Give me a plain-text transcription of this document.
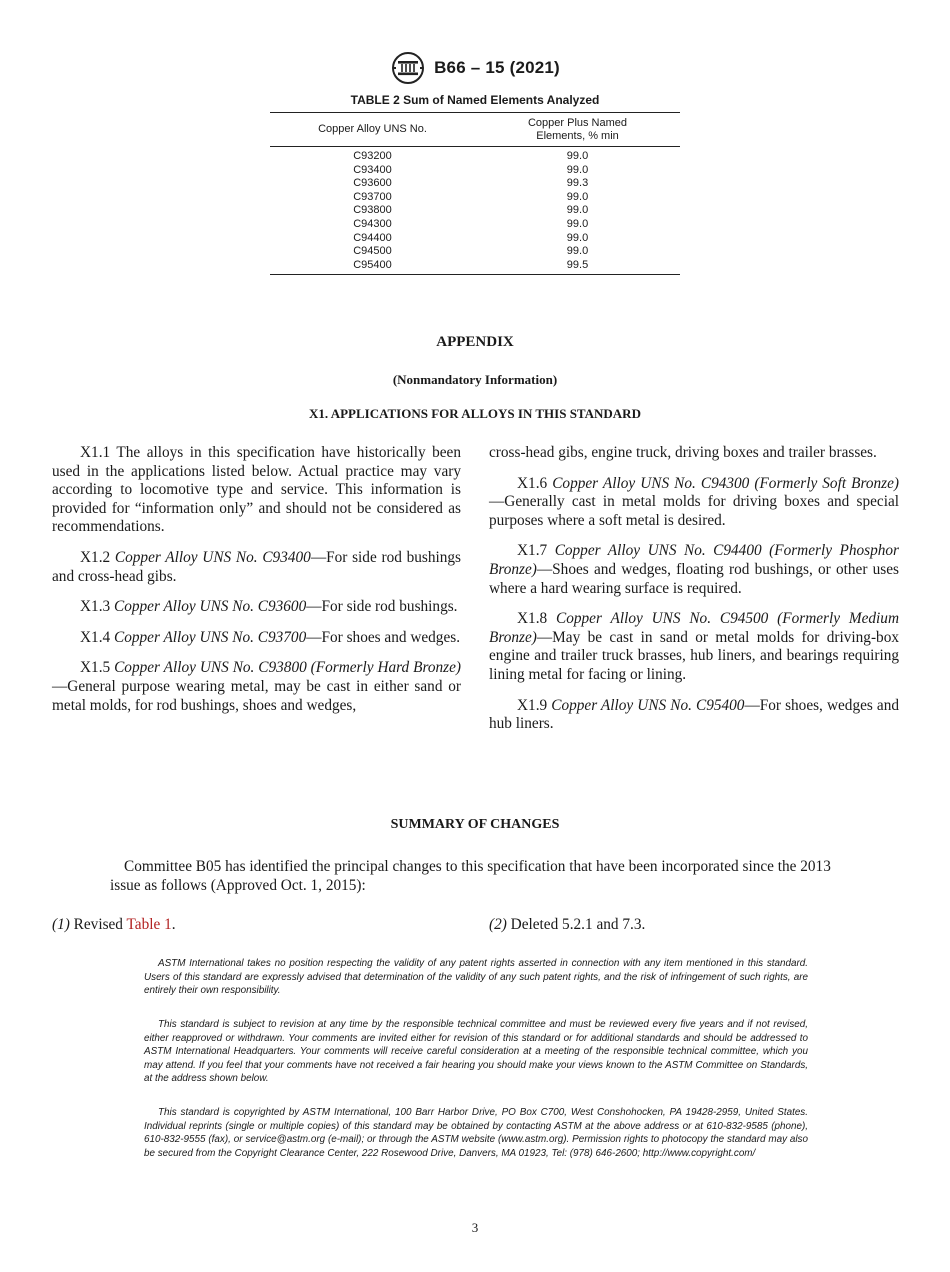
B66 – 15 (2021)
TABLE 2 Sum of Named Elements Analyzed
Copper Alloy UNS No.
Copper Plus Named
Elements, % min
C93200	99.0
C93400	99.0
C93600	99.3
C93700	99.0
C93800	99.0
C94300	99.0
C94400	99.0
C94500	99.0
C95400	99.5
APPENDIX
(Nonmandatory Information)
X1. APPLICATIONS FOR ALLOYS IN THIS STANDARD

X1.1 The alloys in this specification have historically been used in the applications listed below. Actual practice may vary according to locomotive type and service. This information is provided for “information only” and should not be considered as recommendations.

X1.2 Copper Alloy UNS No. C93400—For side rod bushings and cross-head gibs.

X1.3 Copper Alloy UNS No. C93600—For side rod bushings.

X1.4 Copper Alloy UNS No. C93700—For shoes and wedges.

X1.5 Copper Alloy UNS No. C93800 (Formerly Hard Bronze)—General purpose wearing metal, may be cast in either sand or metal molds, for rod bushings, shoes and wedges,

cross-head gibs, engine truck, driving boxes and trailer brasses.

X1.6 Copper Alloy UNS No. C94300 (Formerly Soft Bronze)—Generally cast in metal molds for driving boxes and special purposes where a soft metal is desired.

X1.7 Copper Alloy UNS No. C94400 (Formerly Phosphor Bronze)—Shoes and wedges, floating rod bushings, or other uses where a hard wearing surface is required.

X1.8 Copper Alloy UNS No. C94500 (Formerly Medium Bronze)—May be cast in sand or metal molds for driving-box engine and trailer truck brasses, hub liners, and bearings requiring lining metal for facing or lining.

X1.9 Copper Alloy UNS No. C95400—For shoes, wedges and hub liners.

SUMMARY OF CHANGES
Committee B05 has identified the principal changes to this specification that have been incorporated since the 2013 issue as follows (Approved Oct. 1, 2015):
(1) Revised Table 1.	(2) Deleted 5.2.1 and 7.3.
ASTM International takes no position respecting the validity of any patent rights asserted in connection with any item mentioned in this standard. Users of this standard are expressly advised that determination of the validity of any such patent rights, and the risk of infringement of such rights, are entirely their own responsibility.
This standard is subject to revision at any time by the responsible technical committee and must be reviewed every five years and if not revised, either reapproved or withdrawn. Your comments are invited either for revision of this standard or for additional standards and should be addressed to ASTM International Headquarters. Your comments will receive careful consideration at a meeting of the responsible technical committee, which you may attend. If you feel that your comments have not received a fair hearing you should make your views known to the ASTM Committee on Standards, at the address shown below.
This standard is copyrighted by ASTM International, 100 Barr Harbor Drive, PO Box C700, West Conshohocken, PA 19428-2959, United States. Individual reprints (single or multiple copies) of this standard may be obtained by contacting ASTM at the above address or at 610-832-9585 (phone), 610-832-9555 (fax), or service@astm.org (e-mail); or through the ASTM website (www.astm.org). Permission rights to photocopy the standard may also be secured from the Copyright Clearance Center, 222 Rosewood Drive, Danvers, MA 01923, Tel: (978) 646-2600; http://www.copyright.com/
3
